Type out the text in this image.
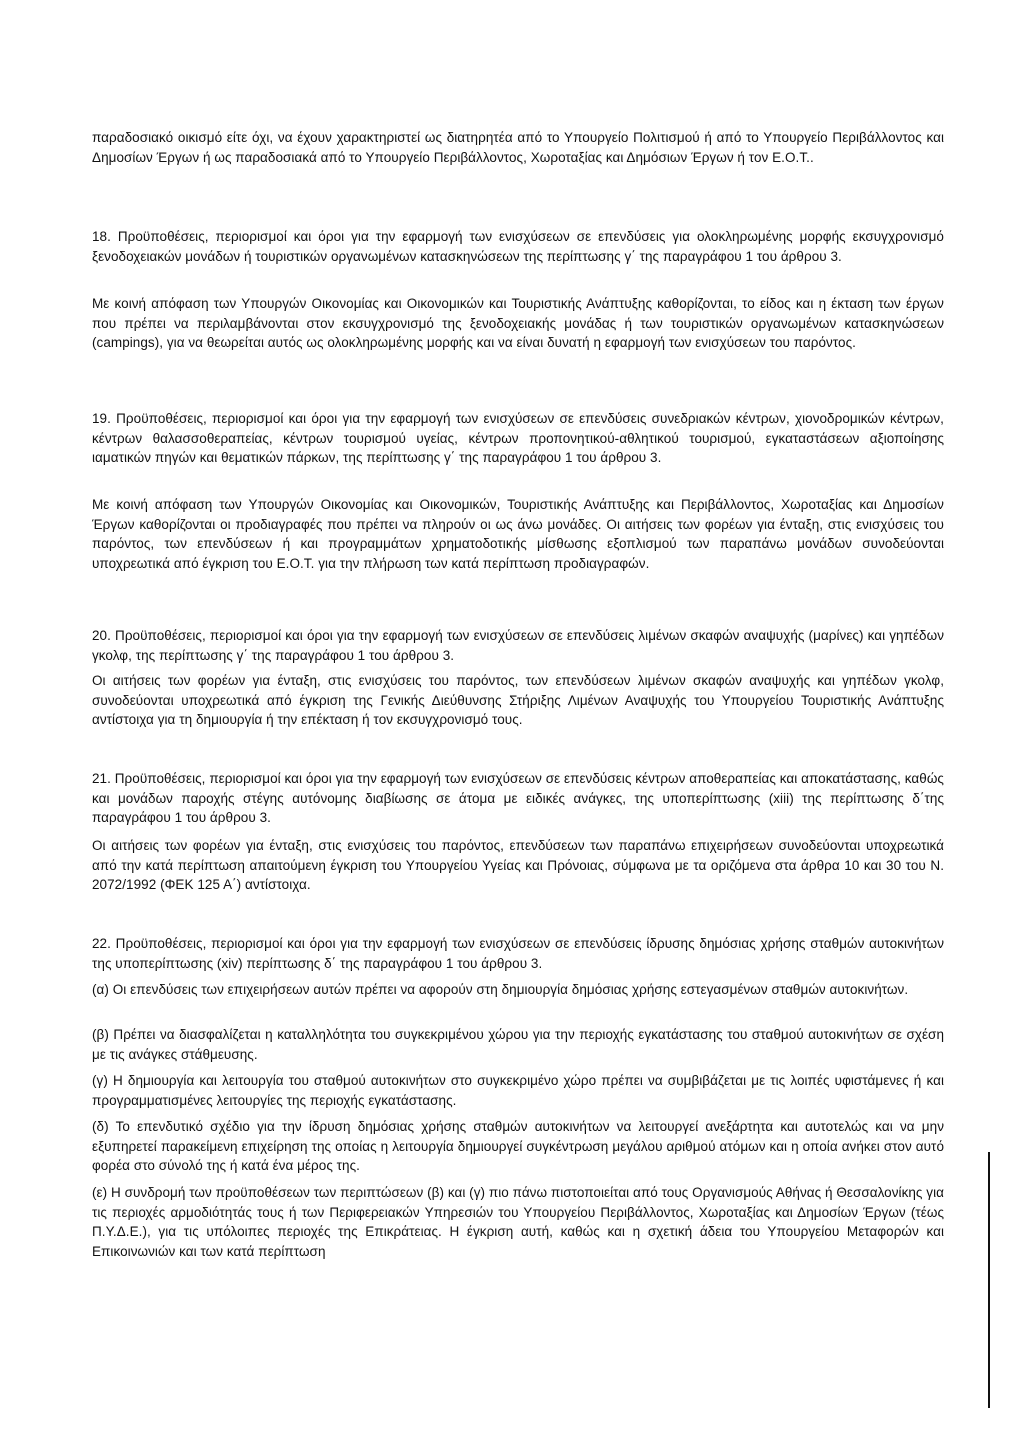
παραδοσιακό οικισμό είτε όχι, να έχουν χαρακτηριστεί ως διατηρητέα από το Υπουργείο Πολιτισμού ή από το Υπουργείο Περιβάλλοντος και Δημοσίων Έργων ή ως παραδοσιακά από το Υπουργείο Περιβάλλοντος, Χωροταξίας και Δημόσιων Έργων ή τον Ε.Ο.Τ..

18. Προϋποθέσεις, περιορισμοί και όροι για την εφαρμογή των ενισχύσεων σε επενδύσεις για ολοκληρωμένης μορφής εκσυγχρονισμό ξενοδοχειακών μονάδων ή τουριστικών οργανωμένων κατασκηνώσεων της περίπτωσης γ΄ της παραγράφου 1 του άρθρου 3.

Με κοινή απόφαση των Υπουργών Οικονομίας και Οικονομικών και Τουριστικής Ανάπτυξης καθορίζονται, το είδος και η έκταση των έργων που πρέπει να περιλαμβάνονται στον εκσυγχρονισμό της ξενοδοχειακής μονάδας ή των τουριστικών οργανωμένων κατασκηνώσεων (campings), για να θεωρείται αυτός ως ολοκληρωμένης μορφής και να είναι δυνατή η εφαρμογή των ενισχύσεων του παρόντος.

19. Προϋποθέσεις, περιορισμοί και όροι για την εφαρμογή των ενισχύσεων σε επενδύσεις συνεδριακών κέντρων, χιονοδρομικών κέντρων, κέντρων θαλασσοθεραπείας, κέντρων τουρισμού υγείας, κέντρων προπονητικού-αθλητικού τουρισμού, εγκαταστάσεων αξιοποίησης ιαματικών πηγών και θεματικών πάρκων, της περίπτωσης γ΄ της παραγράφου 1 του άρθρου 3.

Με κοινή απόφαση των Υπουργών Οικονομίας και Οικονομικών, Τουριστικής Ανάπτυξης και Περιβάλλοντος, Χωροταξίας και Δημοσίων Έργων καθορίζονται οι προδιαγραφές που πρέπει να πληρούν οι ως άνω μονάδες. Οι αιτήσεις των φορέων για ένταξη, στις ενισχύσεις του παρόντος, των επενδύσεων ή και προγραμμάτων χρηματοδοτικής μίσθωσης εξοπλισμού των παραπάνω μονάδων συνοδεύονται υποχρεωτικά από έγκριση του Ε.Ο.Τ. για την πλήρωση των κατά περίπτωση προδιαγραφών.

20. Προϋποθέσεις, περιορισμοί και όροι για την εφαρμογή των ενισχύσεων σε επενδύσεις λιμένων σκαφών αναψυχής (μαρίνες) και γηπέδων γκολφ, της περίπτωσης γ΄ της παραγράφου 1 του άρθρου 3.

Οι αιτήσεις των φορέων για ένταξη, στις ενισχύσεις του παρόντος, των επενδύσεων λιμένων σκαφών αναψυχής και γηπέδων γκολφ, συνοδεύονται υποχρεωτικά από έγκριση της Γενικής Διεύθυνσης Στήριξης Λιμένων Αναψυχής του Υπουργείου Τουριστικής Ανάπτυξης αντίστοιχα για τη δημιουργία ή την επέκταση ή τον εκσυγχρονισμό τους.

21. Προϋποθέσεις, περιορισμοί και όροι για την εφαρμογή των ενισχύσεων σε επενδύσεις κέντρων αποθεραπείας και αποκατάστασης, καθώς και μονάδων παροχής στέγης αυτόνομης διαβίωσης σε άτομα με ειδικές ανάγκες, της υποπερίπτωσης (xiii) της περίπτωσης δ΄της παραγράφου 1 του άρθρου 3.

Οι αιτήσεις των φορέων για ένταξη, στις ενισχύσεις του παρόντος, επενδύσεων των παραπάνω επιχειρήσεων συνοδεύονται υποχρεωτικά από την κατά περίπτωση απαιτούμενη έγκριση του Υπουργείου Υγείας και Πρόνοιας, σύμφωνα με τα οριζόμενα στα άρθρα 10 και 30 του Ν. 2072/1992 (ΦΕΚ 125 Α΄) αντίστοιχα.

22. Προϋποθέσεις, περιορισμοί και όροι για την εφαρμογή των ενισχύσεων σε επενδύσεις ίδρυσης δημόσιας χρήσης σταθμών αυτοκινήτων της υποπερίπτωσης (xiv) περίπτωσης δ΄ της παραγράφου 1 του άρθρου 3.

(α) Οι επενδύσεις των επιχειρήσεων αυτών πρέπει να αφορούν στη δημιουργία δημόσιας χρήσης εστεγασμένων σταθμών αυτοκινήτων.

(β) Πρέπει να διασφαλίζεται η καταλληλότητα του συγκεκριμένου χώρου για την περιοχής εγκατάστασης του σταθμού αυτοκινήτων σε σχέση με τις ανάγκες στάθμευσης.

(γ) Η δημιουργία και λειτουργία του σταθμού αυτοκινήτων στο συγκεκριμένο χώρο πρέπει να συμβιβάζεται με τις λοιπές υφιστάμενες ή και προγραμματισμένες λειτουργίες της περιοχής εγκατάστασης.

(δ) Το επενδυτικό σχέδιο για την ίδρυση δημόσιας χρήσης σταθμών αυτοκινήτων να λειτουργεί ανεξάρτητα και αυτοτελώς και να μην εξυπηρετεί παρακείμενη επιχείρηση της οποίας η λειτουργία δημιουργεί συγκέντρωση μεγάλου αριθμού ατόμων και η οποία ανήκει στον αυτό φορέα στο σύνολό της ή κατά ένα μέρος της.

(ε) Η συνδρομή των προϋποθέσεων των περιπτώσεων (β) και (γ) πιο πάνω πιστοποιείται από τους Οργανισμούς Αθήνας ή Θεσσαλονίκης για τις περιοχές αρμοδιότητάς τους ή των Περιφερειακών Υπηρεσιών του Υπουργείου Περιβάλλοντος, Χωροταξίας και Δημοσίων Έργων (τέως Π.Υ.Δ.Ε.), για τις υπόλοιπες περιοχές της Επικράτειας. Η έγκριση αυτή, καθώς και η σχετική άδεια του Υπουργείου Μεταφορών και Επικοινωνιών και των κατά περίπτωση
